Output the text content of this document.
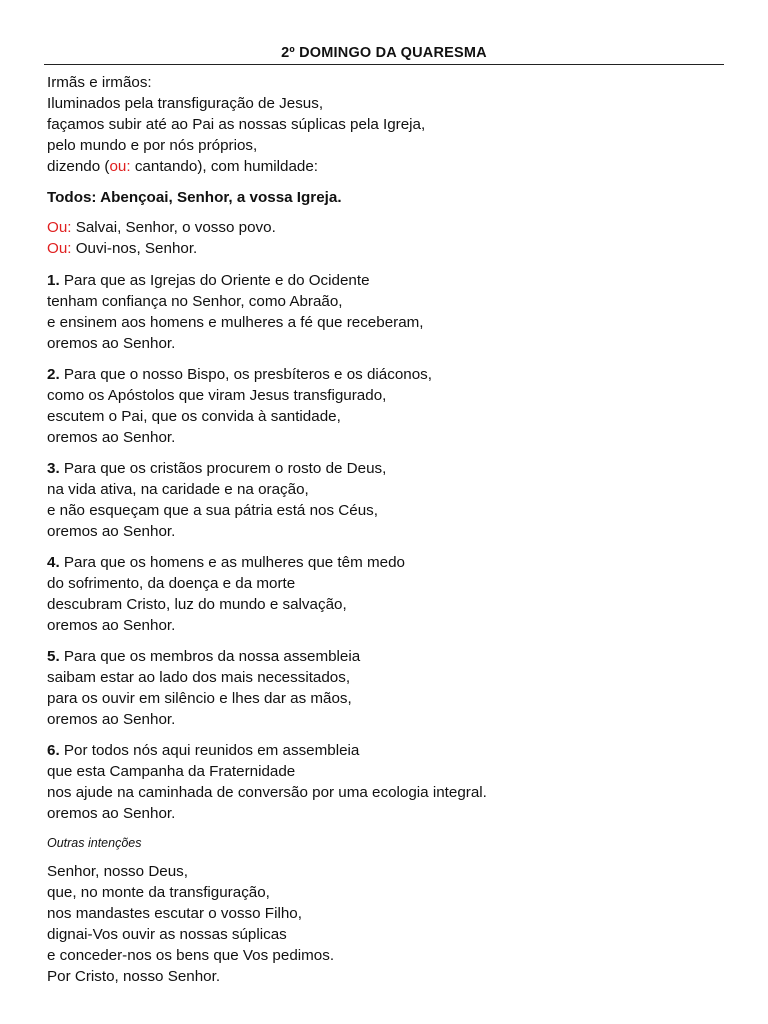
2º DOMINGO DA QUARESMA
Irmãs e irmãos:
Iluminados pela transfiguração de Jesus,
façamos subir até ao Pai as nossas súplicas pela Igreja,
pelo mundo e por nós próprios,
dizendo (ou: cantando), com humildade:
Todos: Abençoai, Senhor, a vossa Igreja.
Ou: Salvai, Senhor, o vosso povo.
Ou: Ouvi-nos, Senhor.
1. Para que as Igrejas do Oriente e do Ocidente
tenham confiança no Senhor, como Abraão,
e ensinem aos homens e mulheres a fé que receberam,
oremos ao Senhor.
2. Para que o nosso Bispo, os presbíteros e os diáconos,
como os Apóstolos que viram Jesus transfigurado,
escutem o Pai, que os convida à santidade,
oremos ao Senhor.
3. Para que os cristãos procurem o rosto de Deus,
na vida ativa, na caridade e na oração,
e não esqueçam que a sua pátria está nos Céus,
oremos ao Senhor.
4. Para que os homens e as mulheres que têm medo
do sofrimento, da doença e da morte
descubram Cristo, luz do mundo e salvação,
oremos ao Senhor.
5. Para que os membros da nossa assembleia
saibam estar ao lado dos mais necessitados,
para os ouvir em silêncio e lhes dar as mãos,
oremos ao Senhor.
6. Por todos nós aqui reunidos em assembleia
que esta Campanha da Fraternidade
nos ajude na caminhada de conversão por uma ecologia integral.
oremos ao Senhor.
Outras intenções
Senhor, nosso Deus,
que, no monte da transfiguração,
nos mandastes escutar o vosso Filho,
dignai-Vos ouvir as nossas súplicas
e conceder-nos os bens que Vos pedimos.
Por Cristo, nosso Senhor.
